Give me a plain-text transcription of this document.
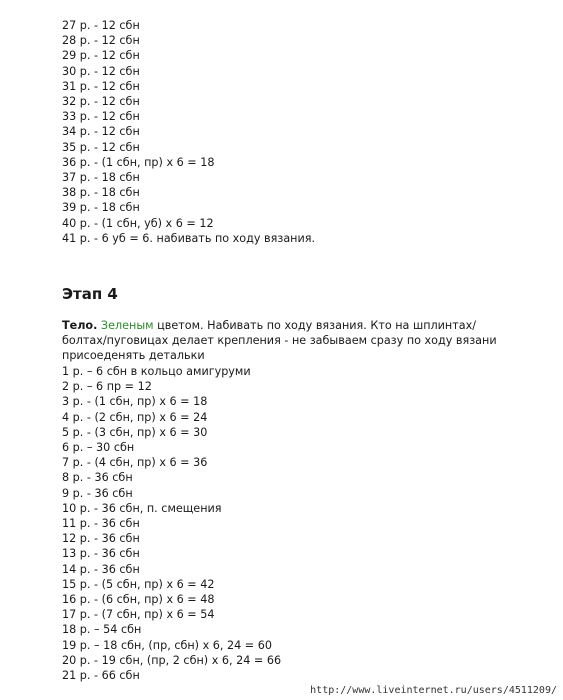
27 р. - 12 сбн

28 р. - 12 сбн

29 р. - 12 сбн

30 р. - 12 сбн

31 р. - 12 сбн

32 р. - 12 сбн

33 р. - 12 сбн

34 р. - 12 сбн

35 р. - 12 сбн

36 р. - (1 сбн, пр) х 6 = 18

37 р. - 18 сбн

38 р. - 18 сбн

39 р. - 18 сбн

40 р. - (1 сбн, уб) х 6 = 12

41 р. - 6 уб = 6. набивать по ходу вязания.

Этап 4

Тело. Зеленым цветом. Набивать по ходу вязания. Кто на шплинтах/болтах/пуговицах делает крепления - не забываем сразу по ходу вязани присоеденять детальки

1 р. – 6 сбн в кольцо амигуруми

2 р. – 6 пр = 12

3 р. - (1 сбн, пр) х 6 = 18

4 р. - (2 сбн, пр) х 6 = 24

5 р. - (3 сбн, пр) х 6 = 30

6 р. – 30 сбн

7 р. - (4 сбн, пр) х 6 = 36

8 р. - 36 сбн

9 р. - 36 сбн

10 р. - 36 сбн, п. смещения

11 р. - 36 сбн

12 р. - 36 сбн

13 р. - 36 сбн

14 р. - 36 сбн

15 р. - (5 сбн, пр) х 6 = 42

16 р. - (6 сбн, пр) х 6 = 48

17 р. - (7 сбн, пр) х 6 = 54

18 р. – 54 сбн

19 р. – 18 сбн, (пр, сбн) х 6, 24 = 60

20 р. - 19 сбн, (пр, 2 сбн) х 6, 24 = 66

21 р. - 66 сбн

http://www.liveinternet.ru/users/4511209/
